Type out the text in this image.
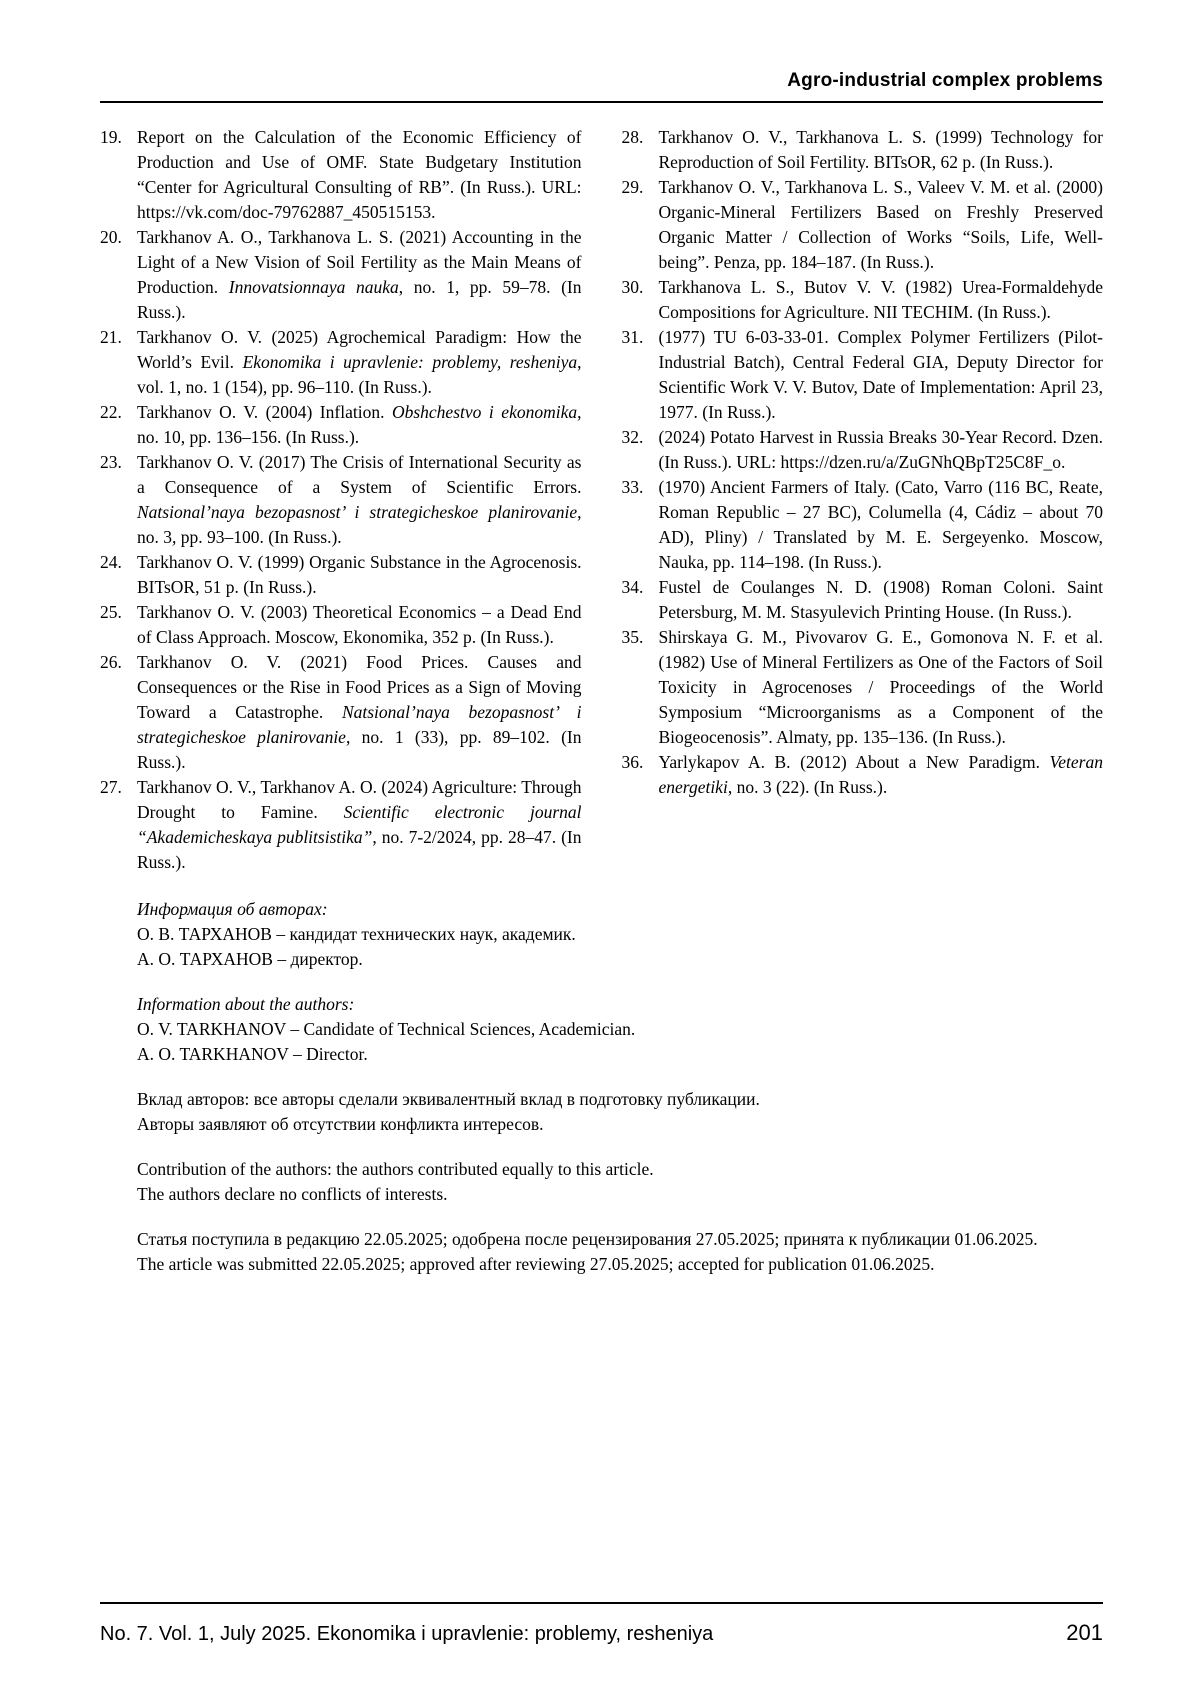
Agro-industrial complex problems
19. Report on the Calculation of the Economic Efficiency of Production and Use of OMF. State Budgetary Institution “Center for Agricultural Consulting of RB”. (In Russ.). URL: https://vk.com/doc-79762887_450515153.
20. Tarkhanov A. O., Tarkhanova L. S. (2021) Accounting in the Light of a New Vision of Soil Fertility as the Main Means of Production. Innovatsionnaya nauka, no. 1, pp. 59–78. (In Russ.).
21. Tarkhanov O. V. (2025) Agrochemical Paradigm: How the World’s Evil. Ekonomika i upravlenie: problemy, resheniya, vol. 1, no. 1 (154), pp. 96–110. (In Russ.).
22. Tarkhanov O. V. (2004) Inflation. Obshchestvo i ekonomika, no. 10, pp. 136–156. (In Russ.).
23. Tarkhanov O. V. (2017) The Crisis of International Security as a Consequence of a System of Scientific Errors. Natsional’naya bezopasnost’ i strategicheskoe planirovanie, no. 3, pp. 93–100. (In Russ.).
24. Tarkhanov O. V. (1999) Organic Substance in the Agrocenosis. BITsOR, 51 p. (In Russ.).
25. Tarkhanov O. V. (2003) Theoretical Economics – a Dead End of Class Approach. Moscow, Ekonomika, 352 p. (In Russ.).
26. Tarkhanov O. V. (2021) Food Prices. Causes and Consequences or the Rise in Food Prices as a Sign of Moving Toward a Catastrophe. Natsional’naya bezopasnost’ i strategicheskoe planirovanie, no. 1 (33), pp. 89–102. (In Russ.).
27. Tarkhanov O. V., Tarkhanov A. O. (2024) Agriculture: Through Drought to Famine. Scientific electronic journal “Akademicheskaya publitsistika”, no. 7-2/2024, pp. 28–47. (In Russ.).
28. Tarkhanov O. V., Tarkhanova L. S. (1999) Technology for Reproduction of Soil Fertility. BITsOR, 62 p. (In Russ.).
29. Tarkhanov O. V., Tarkhanova L. S., Valeev V. M. et al. (2000) Organic-Mineral Fertilizers Based on Freshly Preserved Organic Matter / Collection of Works “Soils, Life, Well-being”. Penza, pp. 184–187. (In Russ.).
30. Tarkhanova L. S., Butov V. V. (1982) Urea-Formaldehyde Compositions for Agriculture. NII TECHIM. (In Russ.).
31. (1977) TU 6-03-33-01. Complex Polymer Fertilizers (Pilot-Industrial Batch), Central Federal GIA, Deputy Director for Scientific Work V. V. Butov, Date of Implementation: April 23, 1977. (In Russ.).
32. (2024) Potato Harvest in Russia Breaks 30-Year Record. Dzen. (In Russ.). URL: https://dzen.ru/a/ZuGNhQBpT25C8F_o.
33. (1970) Ancient Farmers of Italy. (Cato, Varro (116 BC, Reate, Roman Republic – 27 BC), Columella (4, Cádiz – about 70 AD), Pliny) / Translated by M. E. Sergeyenko. Moscow, Nauka, pp. 114–198. (In Russ.).
34. Fustel de Coulanges N. D. (1908) Roman Coloni. Saint Petersburg, M. M. Stasyulevich Printing House. (In Russ.).
35. Shirskaya G. M., Pivovarov G. E., Gomonova N. F. et al. (1982) Use of Mineral Fertilizers as One of the Factors of Soil Toxicity in Agrocenoses / Proceedings of the World Symposium “Microorganisms as a Component of the Biogeocenosis”. Almaty, pp. 135–136. (In Russ.).
36. Yarlykapov A. B. (2012) About a New Paradigm. Veteran energetiki, no. 3 (22). (In Russ.).

Информация об авторах:

О. В. ТАРХАНОВ – кандидат технических наук, академик.

А. О. ТАРХАНОВ – директор.

Information about the authors:

O. V. TARKHANOV – Candidate of Technical Sciences, Academician.

A. O. TARKHANOV – Director.

Вклад авторов: все авторы сделали эквивалентный вклад в подготовку публикации.

Авторы заявляют об отсутствии конфликта интересов.

Contribution of the authors: the authors contributed equally to this article.

The authors declare no conflicts of interests.

Статья поступила в редакцию 22.05.2025; одобрена после рецензирования 27.05.2025; принята к публикации 01.06.2025.

The article was submitted 22.05.2025; approved after reviewing 27.05.2025; accepted for publication 01.06.2025.

No. 7. Vol. 1, July 2025. Ekonomika i upravlenie: problemy, resheniya	201
